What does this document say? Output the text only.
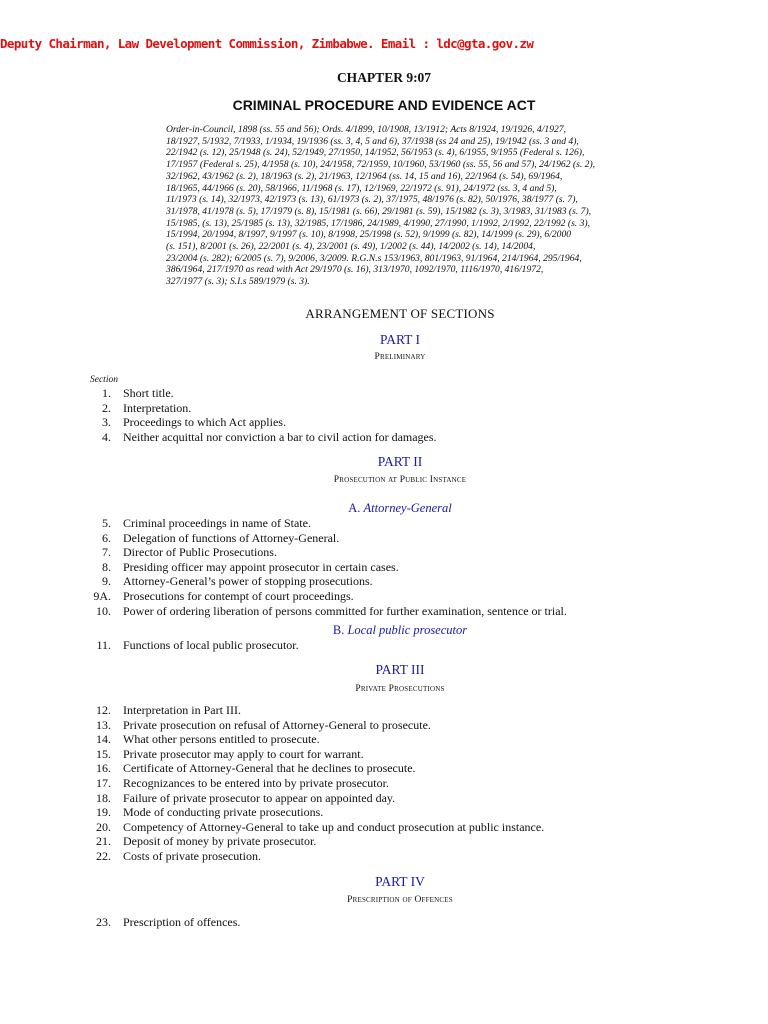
Deputy Chairman, Law Development Commission, Zimbabwe. Email : ldc@gta.gov.zw
CHAPTER 9:07
CRIMINAL PROCEDURE AND EVIDENCE ACT
Order-in-Council, 1898 (ss. 55 and 56); Ords. 4/1899, 10/1908, 13/1912; Acts 8/1924, 19/1926, 4/1927,
18/1927, 5/1932, 7/1933, 1/1934, 19/1936 (ss. 3, 4, 5 and 6), 37/1938 (ss 24 and 25), 19/1942 (ss. 3 and 4),
22/1942 (s. 12), 25/1948 (s. 24), 52/1949, 27/1950, 14/1952, 56/1953 (s. 4), 6/1955, 9/1955 (Federal s. 126),
17/1957 (Federal s. 25), 4/1958 (s. 10), 24/1958, 72/1959, 10/1960, 53/1960 (ss. 55, 56 and 57), 24/1962 (s. 2),
32/1962, 43/1962 (s. 2), 18/1963 (s. 2), 21/1963, 12/1964 (ss. 14, 15 and 16), 22/1964 (s. 54), 69/1964,
18/1965, 44/1966 (s. 20), 58/1966, 11/1968 (s. 17), 12/1969, 22/1972 (s. 91), 24/1972 (ss. 3, 4 and 5),
11/1973 (s. 14), 32/1973, 42/1973 (s. 13), 61/1973 (s. 2), 37/1975, 48/1976 (s. 82), 50/1976, 38/1977 (s. 7),
31/1978, 41/1978 (s. 5), 17/1979 (s. 8), 15/1981 (s. 66), 29/1981 (s. 59), 15/1982 (s. 3), 3/1983, 31/1983 (s. 7),
15/1985, (s. 13), 25/1985 (s. 13), 32/1985, 17/1986, 24/1989, 4/1990, 27/1990, 1/1992, 2/1992, 22/1992 (s. 3),
15/1994, 20/1994, 8/1997, 9/1997 (s. 10), 8/1998, 25/1998 (s. 52), 9/1999 (s. 82), 14/1999 (s. 29), 6/2000
(s. 151), 8/2001 (s. 26), 22/2001 (s. 4), 23/2001 (s. 49), 1/2002 (s. 44), 14/2002 (s. 14), 14/2004,
23/2004 (s. 282); 6/2005 (s. 7), 9/2006, 3/2009. R.G.N.s 153/1963, 801/1963, 91/1964, 214/1964, 295/1964,
386/1964, 217/1970 as read with Act 29/1970 (s. 16), 313/1970, 1092/1970, 1116/1970, 416/1972,
327/1977 (s. 3); S.I.s 589/1979 (s. 3).
ARRANGEMENT OF SECTIONS
PART I
Preliminary
Section
1. Short title.
2. Interpretation.
3. Proceedings to which Act applies.
4. Neither acquittal nor conviction a bar to civil action for damages.
PART II
Prosecution at Public Instance
A. Attorney-General
5. Criminal proceedings in name of State.
6. Delegation of functions of Attorney-General.
7. Director of Public Prosecutions.
8. Presiding officer may appoint prosecutor in certain cases.
9. Attorney-General’s power of stopping prosecutions.
9A. Prosecutions for contempt of court proceedings.
10. Power of ordering liberation of persons committed for further examination, sentence or trial.
B. Local public prosecutor
11. Functions of local public prosecutor.
PART III
Private Prosecutions
12. Interpretation in Part III.
13. Private prosecution on refusal of Attorney-General to prosecute.
14. What other persons entitled to prosecute.
15. Private prosecutor may apply to court for warrant.
16. Certificate of Attorney-General that he declines to prosecute.
17. Recognizances to be entered into by private prosecutor.
18. Failure of private prosecutor to appear on appointed day.
19. Mode of conducting private prosecutions.
20. Competency of Attorney-General to take up and conduct prosecution at public instance.
21. Deposit of money by private prosecutor.
22. Costs of private prosecution.
PART IV
Prescription of Offences
23. Prescription of offences.
